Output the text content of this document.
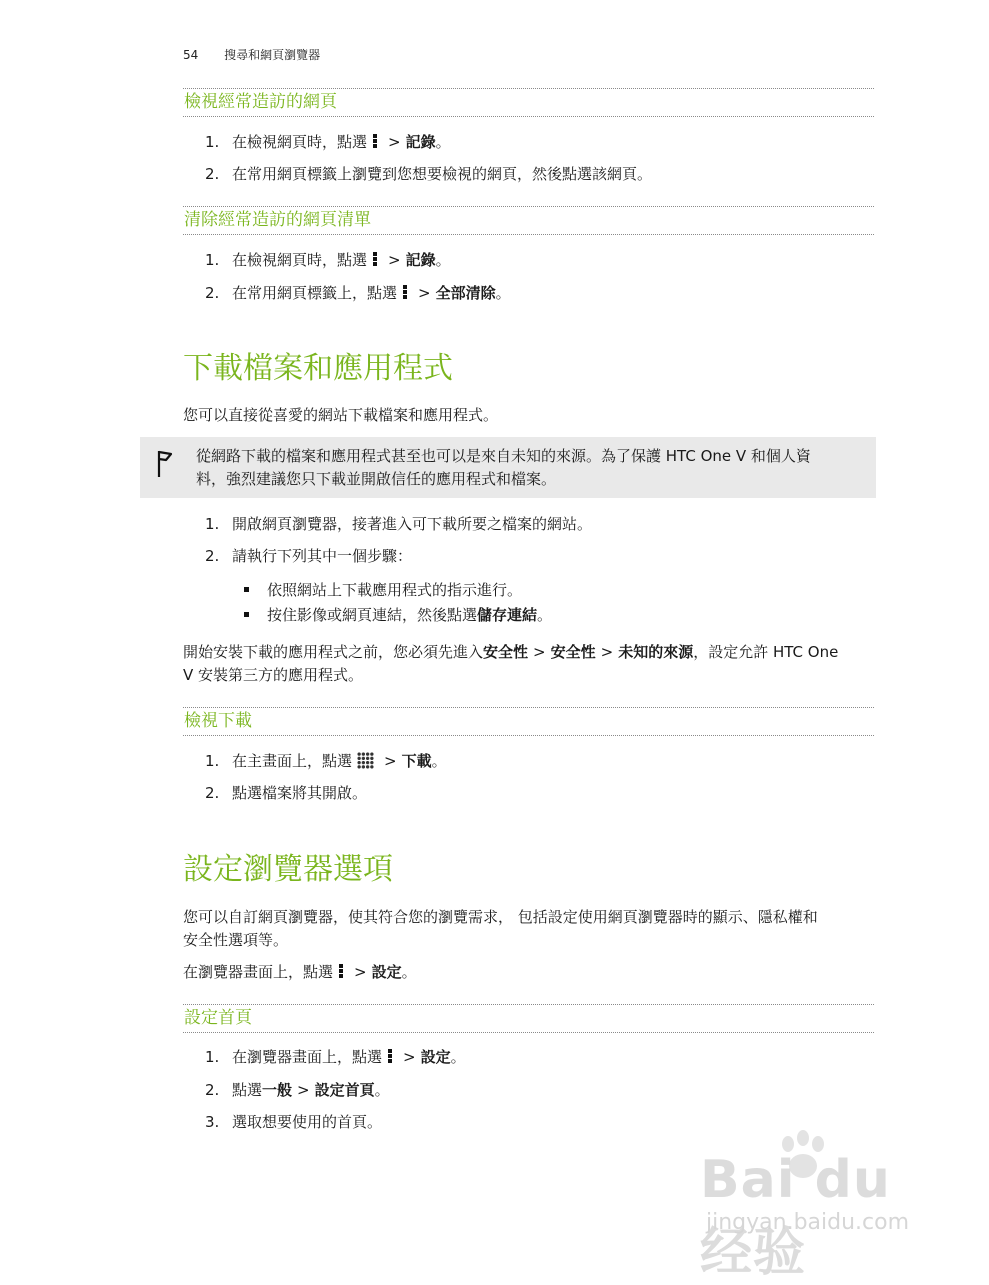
54 搜尋和網頁瀏覽器
檢視經常造訪的網頁
1. 在檢視網頁時，點選 > 記錄。
2. 在常用網頁標籤上瀏覽到您想要檢視的網頁，然後點選該網頁。
清除經常造訪的網頁清單
1. 在檢視網頁時，點選 > 記錄。
2. 在常用網頁標籤上，點選 > 全部清除。
下載檔案和應用程式
您可以直接從喜愛的網站下載檔案和應用程式。
從網路下載的檔案和應用程式甚至也可以是來自未知的來源。為了保護 HTC One V 和個人資
料，強烈建議您只下載並開啟信任的應用程式和檔案。
1. 開啟網頁瀏覽器，接著進入可下載所要之檔案的網站。
2. 請執行下列其中一個步驟：
依照網站上下載應用程式的指示進行。
按住影像或網頁連結，然後點選儲存連結。
開始安裝下載的應用程式之前，您必須先進入安全性 > 安全性 > 未知的來源，設定允許 HTC One
V 安裝第三方的應用程式。
檢視下載
1. 在主畫面上，點選 > 下載。
2. 點選檔案將其開啟。
設定瀏覽器選項
您可以自訂網頁瀏覽器，使其符合您的瀏覽需求， 包括設定使用網頁瀏覽器時的顯示、隱私權和
安全性選項等。
在瀏覽器畫面上，點選 > 設定。
設定首頁
1. 在瀏覽器畫面上，點選 > 設定。
2. 點選一般 > 設定首頁。
3. 選取想要使用的首頁。
Bai du 经验
jingyan.baidu.com
